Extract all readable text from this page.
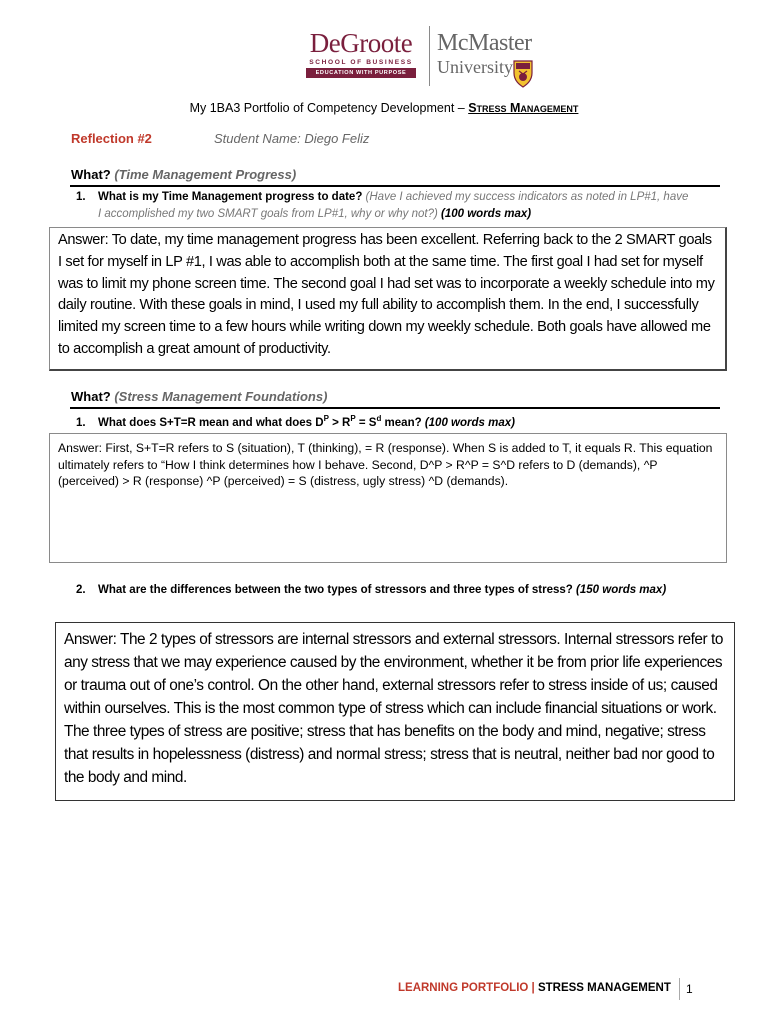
DeGroote
SCHOOL OF BUSINESS
EDUCATION WITH PURPOSE
McMaster
University
My 1BA3 Portfolio of Competency Development – Stress Management
Reflection #2	Student Name: Diego Feliz
What? (Time Management Progress)
1. What is my Time Management progress to date? (Have I achieved my success indicators as noted in LP#1, have
I accomplished my two SMART goals from LP#1, why or why not?) (100 words max)
Answer: To date, my time management progress has been excellent. Referring back to the 2 SMART goals I set for myself in LP #1, I was able to accomplish both at the same time. The first goal I had set for myself was to limit my phone screen time. The second goal I had set was to incorporate a weekly schedule into my daily routine. With these goals in mind, I used my full ability to accomplish them. In the end, I successfully limited my screen time to a few hours while writing down my weekly schedule. Both goals have allowed me to accomplish a great amount of productivity.
What? (Stress Management Foundations)
1. What does S+T=R mean and what does $D^P > R^P = S^d$ mean? (100 words max)
Answer: First, S+T=R refers to S (situation), T (thinking), = R (response). When S is added to T, it equals R. This equation ultimately refers to “How I think determines how I behave. Second, D^P > R^P = S^D refers to D (demands), ^P (perceived) > R (response) ^P (perceived) = S (distress, ugly stress) ^D (demands).
2. What are the differences between the two types of stressors and three types of stress? (150 words max)
Answer: The 2 types of stressors are internal stressors and external stressors. Internal stressors refer to any stress that we may experience caused by the environment, whether it be from prior life experiences or trauma out of one’s control. On the other hand, external stressors refer to stress inside of us; caused within ourselves. This is the most common type of stress which can include financial situations or work.
The three types of stress are positive; stress that has benefits on the body and mind, negative; stress that results in hopelessness (distress) and normal stress; stress that is neutral, neither bad nor good to the body and mind.
LEARNING PORTFOLIO | STRESS MANAGEMENT 1
